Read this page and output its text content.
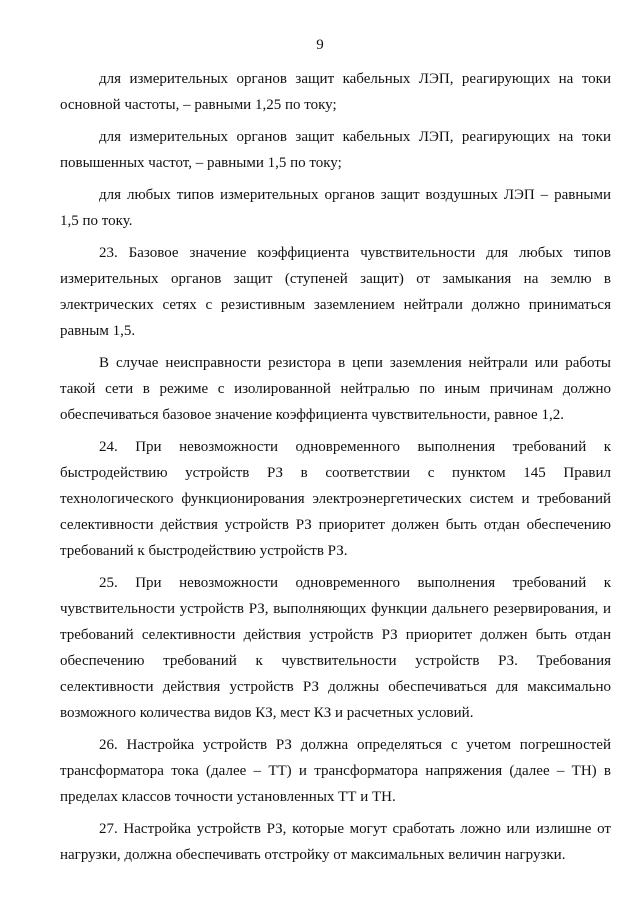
9

для измерительных органов защит кабельных ЛЭП, реагирующих на токи основной частоты, – равными 1,25 по току;

для измерительных органов защит кабельных ЛЭП, реагирующих на токи повышенных частот, – равными 1,5 по току;

для любых типов измерительных органов защит воздушных ЛЭП – равными 1,5 по току.

23. Базовое значение коэффициента чувствительности для любых типов измерительных органов защит (ступеней защит) от замыкания на землю в электрических сетях с резистивным заземлением нейтрали должно приниматься равным 1,5.

В случае неисправности резистора в цепи заземления нейтрали или работы такой сети в режиме с изолированной нейтралью по иным причинам должно обеспечиваться базовое значение коэффициента чувствительности, равное 1,2.

24. При невозможности одновременного выполнения требований к быстродействию устройств РЗ в соответствии с пунктом 145 Правил технологического функционирования электроэнергетических систем и требований селективности действия устройств РЗ приоритет должен быть отдан обеспечению требований к быстродействию устройств РЗ.

25. При невозможности одновременного выполнения требований к чувствительности устройств РЗ, выполняющих функции дальнего резервирования, и требований селективности действия устройств РЗ приоритет должен быть отдан обеспечению требований к чувствительности устройств РЗ. Требования селективности действия устройств РЗ должны обеспечиваться для максимально возможного количества видов КЗ, мест КЗ и расчетных условий.

26. Настройка устройств РЗ должна определяться с учетом погрешностей трансформатора тока (далее – ТТ) и трансформатора напряжения (далее – ТН) в пределах классов точности установленных ТТ и ТН.

27. Настройка устройств РЗ, которые могут сработать ложно или излишне от нагрузки, должна обеспечивать отстройку от максимальных величин нагрузки.
